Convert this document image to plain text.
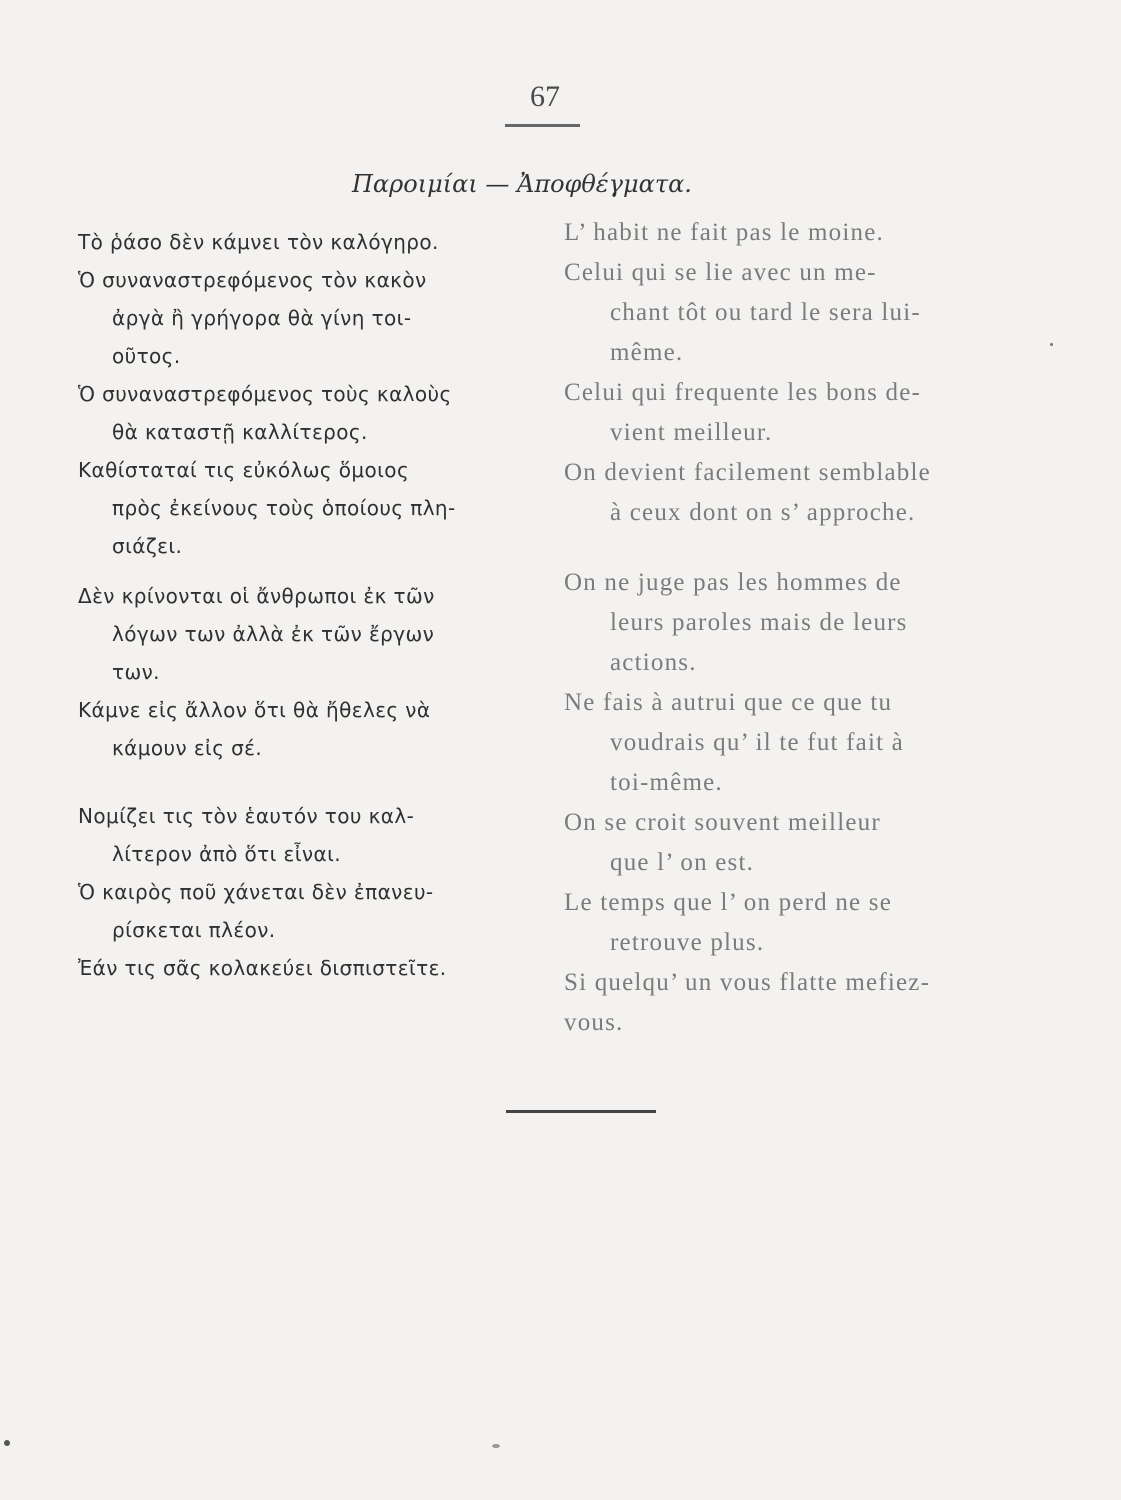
67
Παροιμίαι — Ἀποφθέγματα.
Τὸ ῥάσο δὲν κάμνει τὸν καλόγηρο.
Ὁ συναναστρεφόμενος τὸν κακὸν
ἀργὰ ἢ γρήγορα θὰ γίνη τοι-
οῦτος.
Ὁ συναναστρεφόμενος τοὺς καλοὺς
θὰ καταστῇ καλλίτερος.
Καθίσταταί τις εὐκόλως ὅμοιος
πρὸς ἐκείνους τοὺς ὁποίους πλη-
σιάζει.
Δὲν κρίνονται οἱ ἄνθρωποι ἐκ τῶν
λόγων των ἀλλὰ ἐκ τῶν ἔργων
των.
Κάμνε εἰς ἄλλον ὅτι θὰ ἤθελες νὰ
κάμουν εἰς σέ.
Νομίζει τις τὸν ἑαυτόν του καλ-
λίτερον ἀπὸ ὅτι εἶναι.
Ὁ καιρὸς ποῦ χάνεται δὲν ἐπανευ-
ρίσκεται πλέον.
Ἐάν τις σᾶς κολακεύει δισπιστεῖτε.
L’ habit ne fait pas le moine.
Celui qui se lie avec un me-
chant tôt ou tard le sera lui-
même.
Celui qui frequente les bons de-
vient meilleur.
On devient facilement semblable
à ceux dont on s’ approche.
On ne juge pas les hommes de
leurs paroles mais de leurs
actions.
Ne fais à autrui que ce que tu
voudrais qu’ il te fut fait à
toi-même.
On se croit souvent meilleur
que l’ on est.
Le temps que l’ on perd ne se
retrouve plus.
Si quelqu’ un vous flatte mefiez-
vous.
